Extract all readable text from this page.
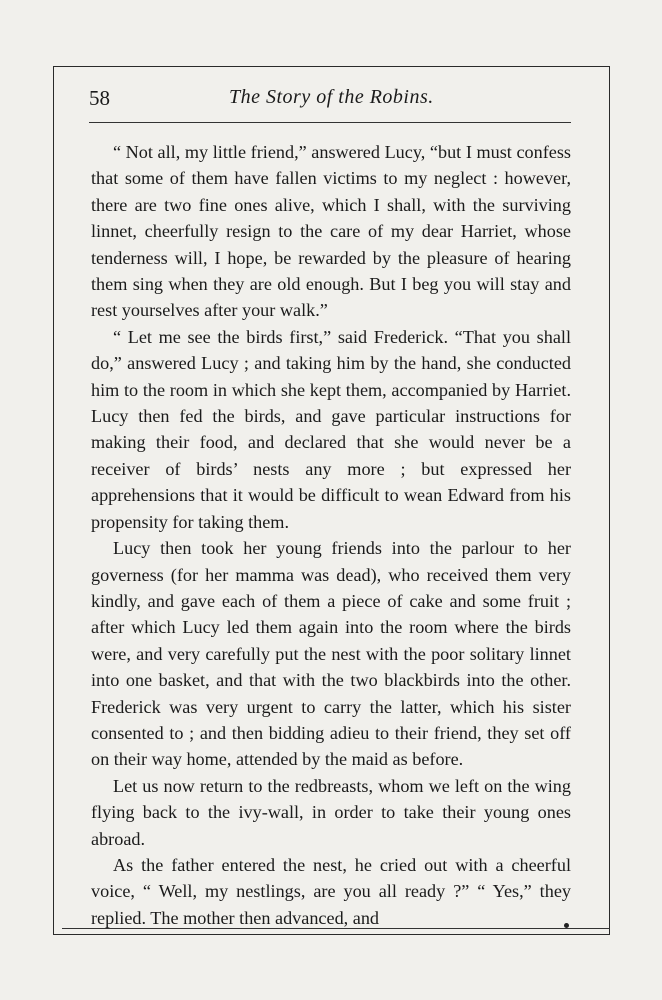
58	The Story of the Robins.

“ Not all, my little friend,” answered Lucy, “but I must confess that some of them have fallen victims to my neglect : however, there are two fine ones alive, which I shall, with the surviving linnet, cheerfully resign to the care of my dear Harriet, whose tenderness will, I hope, be rewarded by the pleasure of hearing them sing when they are old enough. But I beg you will stay and rest yourselves after your walk.”

“ Let me see the birds first,” said Frederick. “That you shall do,” answered Lucy ; and taking him by the hand, she conducted him to the room in which she kept them, accompanied by Harriet. Lucy then fed the birds, and gave particular instructions for making their food, and declared that she would never be a receiver of birds’ nests any more ; but expressed her apprehensions that it would be difficult to wean Edward from his propensity for taking them.

Lucy then took her young friends into the parlour to her governess (for her mamma was dead), who received them very kindly, and gave each of them a piece of cake and some fruit ; after which Lucy led them again into the room where the birds were, and very carefully put the nest with the poor solitary linnet into one basket, and that with the two blackbirds into the other. Frederick was very urgent to carry the latter, which his sister consented to ; and then bidding adieu to their friend, they set off on their way home, attended by the maid as before.

Let us now return to the redbreasts, whom we left on the wing flying back to the ivy-wall, in order to take their young ones abroad.

As the father entered the nest, he cried out with a cheerful voice, “ Well, my nestlings, are you all ready ?” “ Yes,” they replied. The mother then advanced, and
